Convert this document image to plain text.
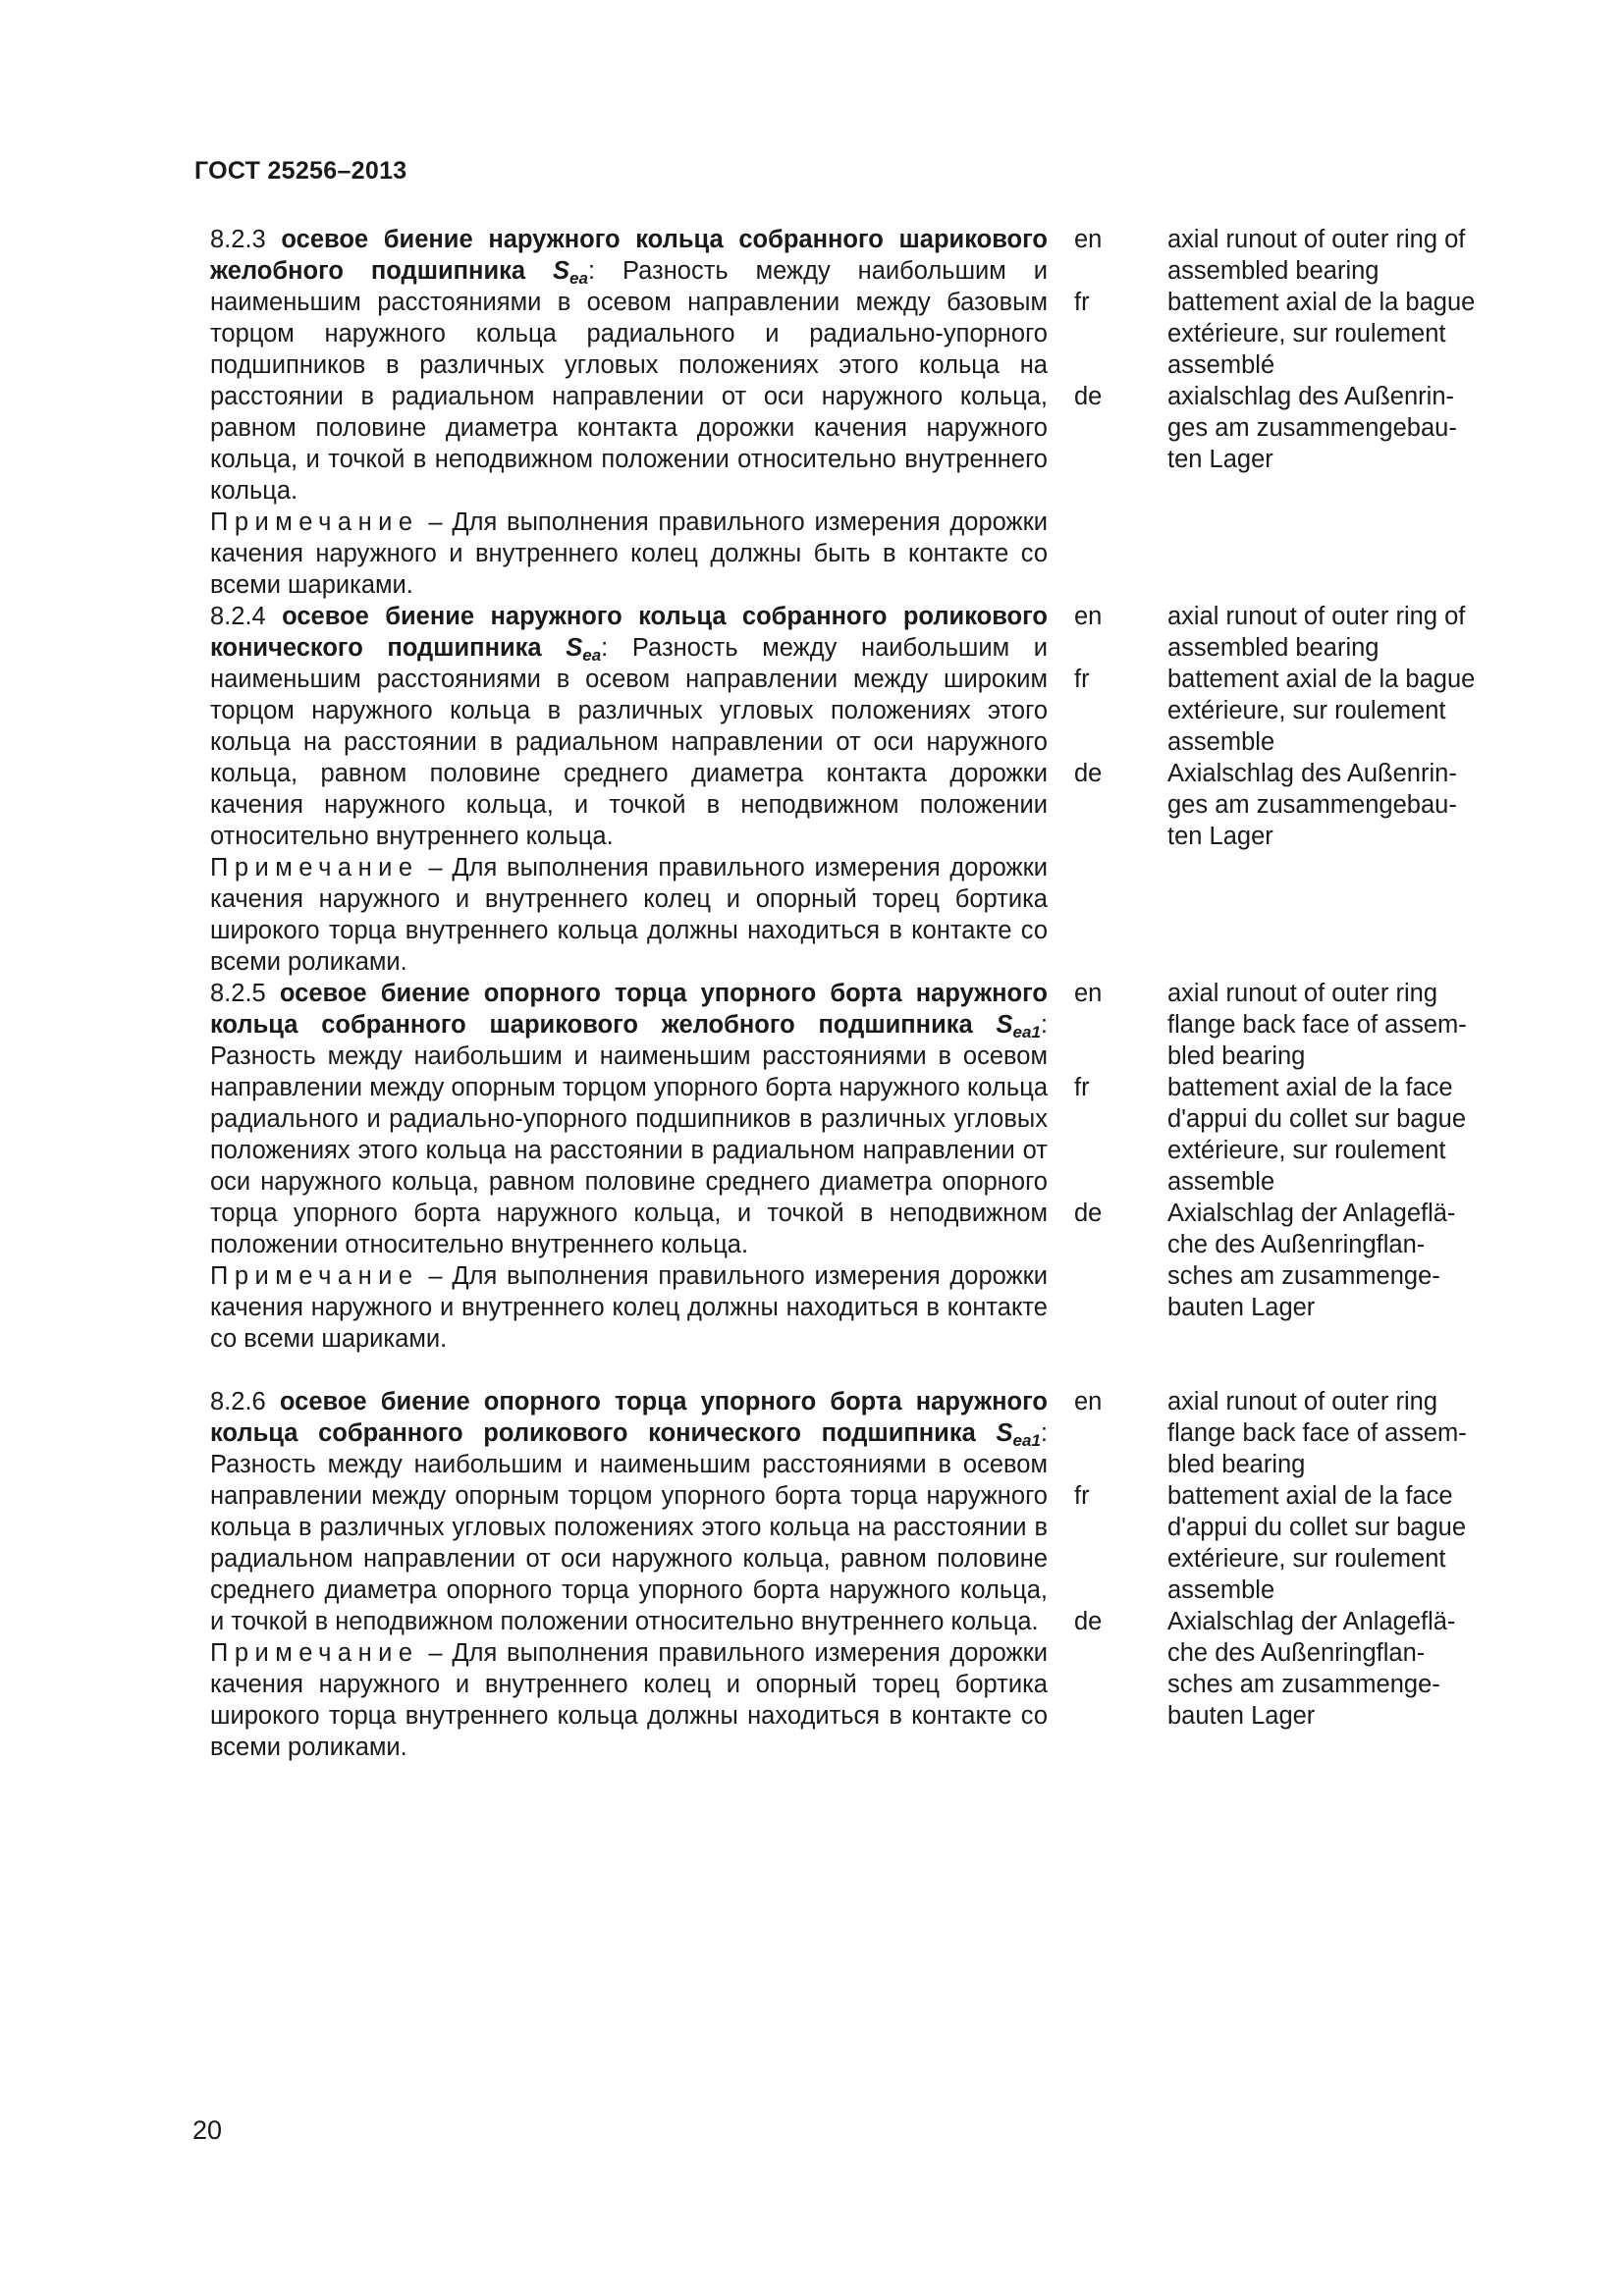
ГОСТ 25256–2013
8.2.3 осевое биение наружного кольца собранного шарикового желобного подшипника $S_{ea}$: Разность между наибольшим и наименьшим расстояниями в осевом направлении между базовым торцом наружного кольца радиального и радиально-упорного подшипников в различных угловых положениях этого кольца на расстоянии в радиальном направлении от оси наружного кольца, равном половине диаметра контакта дорожки качения наружного кольца, и точкой в неподвижном положении относительно внутреннего кольца.
Примечание – Для выполнения правильного измерения дорожки качения наружного и внутреннего колец должны быть в контакте со всеми шариками.
en
fr
de
axial runout of outer ring of
assembled bearing
battement axial de la bague
extérieure, sur roulement
assemblé
axialschlag des Außenrin-
ges am zusammengebau-
ten Lager
8.2.4 осевое биение наружного кольца собранного роликового конического подшипника $S_{ea}$: Разность между наибольшим и наименьшим расстояниями в осевом направлении между широким торцом наружного кольца в различных угловых положениях этого кольца на расстоянии в радиальном направлении от оси наружного кольца, равном половине среднего диаметра контакта дорожки качения наружного кольца, и точкой в неподвижном положении относительно внутреннего кольца.
Примечание – Для выполнения правильного измерения дорожки качения наружного и внутреннего колец и опорный торец бортика широкого торца внутреннего кольца должны находиться в контакте со всеми роликами.
en
fr
de
axial runout of outer ring of
assembled bearing
battement axial de la bague
extérieure, sur roulement
assemble
Axialschlag des Außenrin-
ges am zusammengebau-
ten Lager
8.2.5 осевое биение опорного торца упорного борта наружного кольца собранного шарикового желобного подшипника $S_{ea1}$: Разность между наибольшим и наименьшим расстояниями в осевом направлении между опорным торцом упорного борта наружного кольца радиального и радиально-упорного подшипников в различных угловых положениях этого кольца на расстоянии в радиальном направлении от оси наружного кольца, равном половине среднего диаметра опорного торца упорного борта наружного кольца, и точкой в неподвижном положении относительно внутреннего кольца.
Примечание – Для выполнения правильного измерения дорожки качения наружного и внутреннего колец должны находиться в контакте со всеми шариками.
en
fr
de
axial runout of outer ring
flange back face of assem-
bled bearing
battement axial de la face
d'appui du collet sur bague
extérieure, sur roulement
assemble
Axialschlag der Anlageflä-
che des Außenringflan-
sches am zusammenge-
bauten Lager
8.2.6 осевое биение опорного торца упорного борта наружного кольца собранного роликового конического подшипника $S_{ea1}$: Разность между наибольшим и наименьшим расстояниями в осевом направлении между опорным торцом упорного борта торца наружного кольца в различных угловых положениях этого кольца на расстоянии в радиальном направлении от оси наружного кольца, равном половине среднего диаметра опорного торца упорного борта наружного кольца, и точкой в неподвижном положении относительно внутреннего кольца.
Примечание – Для выполнения правильного измерения дорожки качения наружного и внутреннего колец и опорный торец бортика широкого торца внутреннего кольца должны находиться в контакте со всеми роликами.
en
fr
de
axial runout of outer ring
flange back face of assem-
bled bearing
battement axial de la face
d'appui du collet sur bague
extérieure, sur roulement
assemble
Axialschlag der Anlageflä-
che des Außenringflan-
sches am zusammenge-
bauten Lager
20
